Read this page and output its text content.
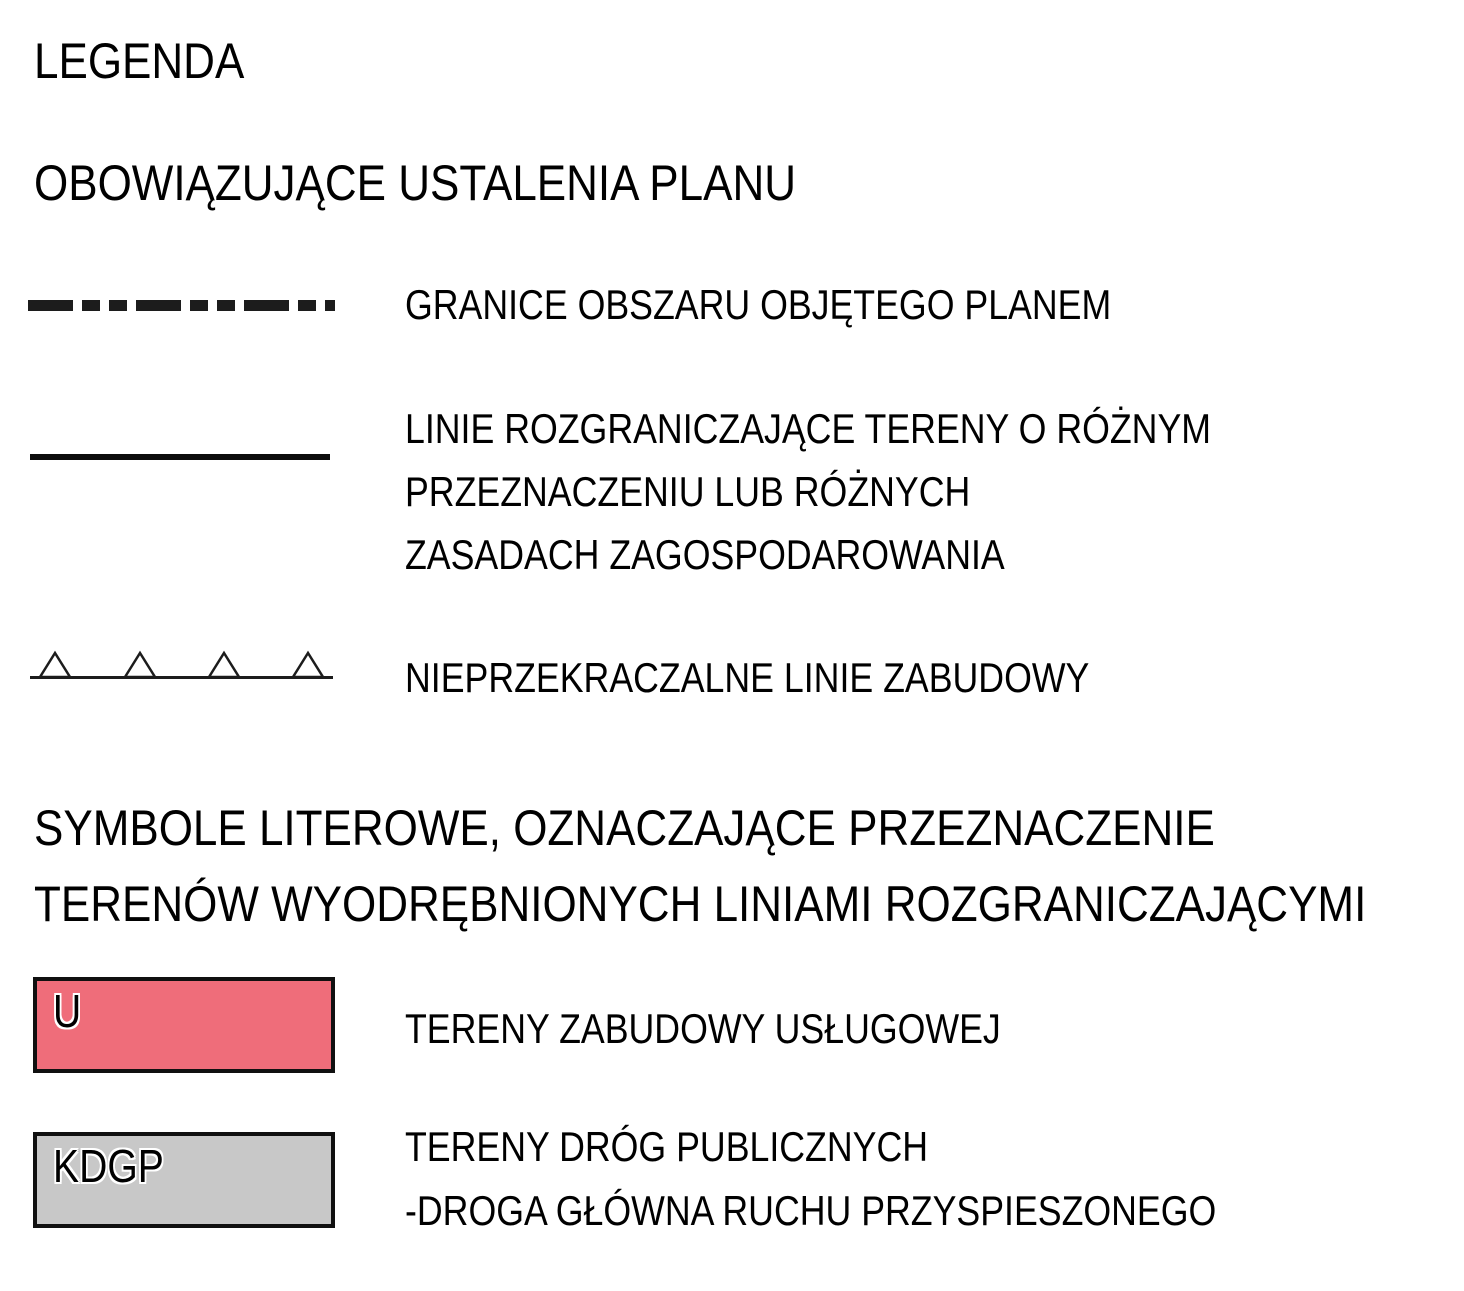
LEGENDA
OBOWIĄZUJĄCE USTALENIA PLANU
GRANICE OBSZARU OBJĘTEGO PLANEM
LINIE ROZGRANICZAJĄCE TERENY O RÓŻNYM
PRZEZNACZENIU LUB RÓŻNYCH
ZASADACH ZAGOSPODAROWANIA
NIEPRZEKRACZALNE LINIE ZABUDOWY
SYMBOLE LITEROWE, OZNACZAJĄCE PRZEZNACZENIE
TERENÓW WYODRĘBNIONYCH LINIAMI ROZGRANICZAJĄCYMI
U	TERENY ZABUDOWY USŁUGOWEJ
KDGP	TERENY DRÓG PUBLICZNYCH
-DROGA GŁÓWNA RUCHU PRZYSPIESZONEGO
